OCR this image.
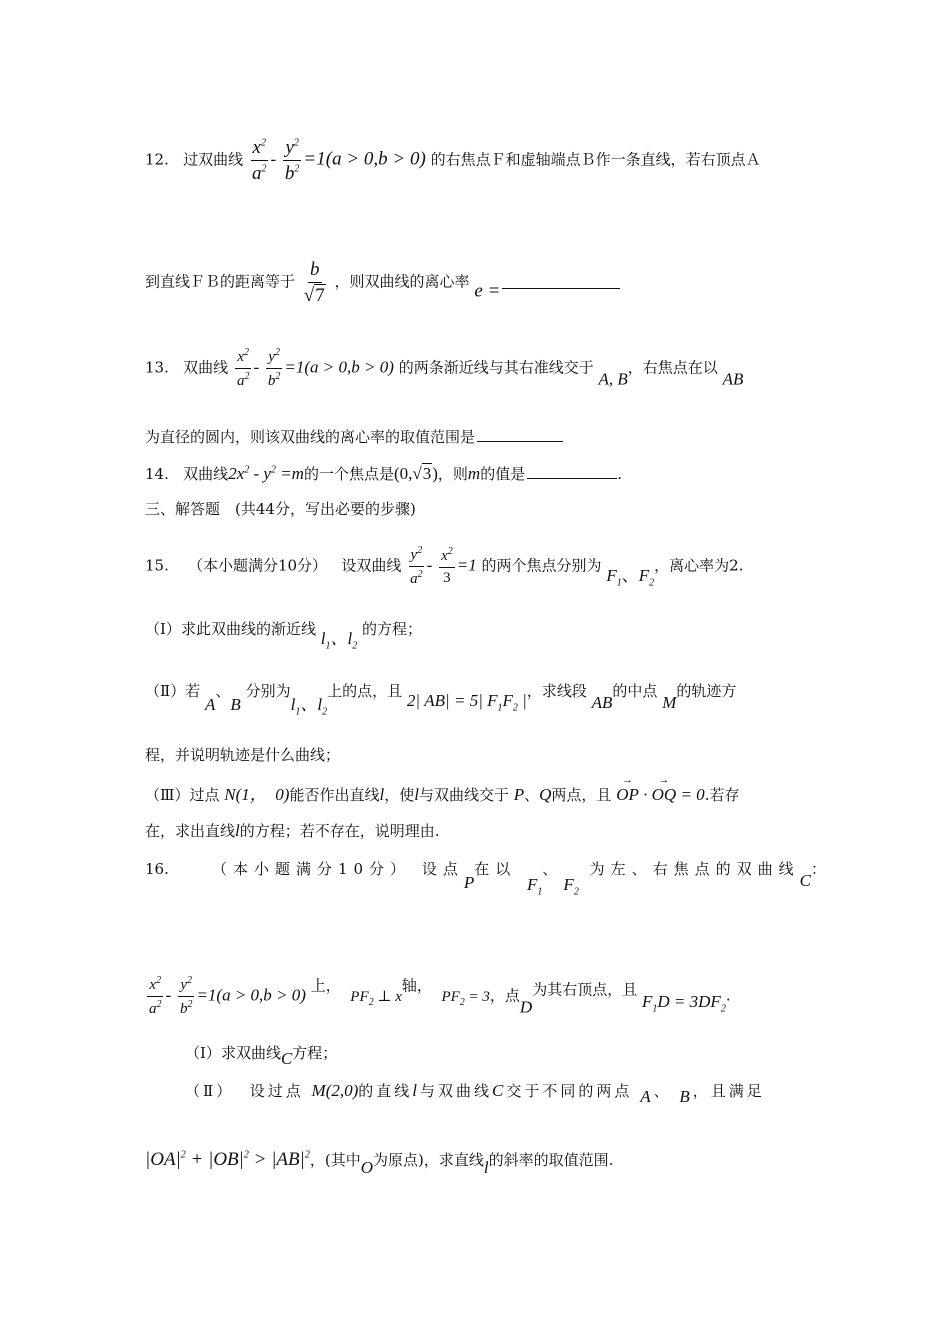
12. 过双曲线 $\frac{x^2}{a^2} - \frac{y^2}{b^2} =1(a > 0,b > 0)$ 的右焦点Ｆ和虚轴端点Ｂ作一条直线，若右顶点Ａ
到直线ＦＢ的距离等于 $\frac{b}{√7}$ ，则双曲线的离心率 e =
13. 双曲线 $\frac{x^2}{a^2} - \frac{y^2}{b^2} =1(a > 0,b > 0)$ 的两条渐近线与其右准线交于 A, B，右焦点在以 AB
为直径的圆内，则该双曲线的离心率的取值范围是
14. 双曲线$2x^2 - y^2 =m$的一个焦点是(0,√3)，则m的值是	.
三、解答题　(共44分，写出必要的步骤)
15. （本小题满分10分） 设双曲线 $\frac{y^2}{a^2} - \frac{x^2}{3} =1$ 的两个焦点分别为 $F_1$、$F_2$，离心率为2.
（Ⅰ）求此双曲线的渐近线 $l_1$、$l_2$ 的方程；
（Ⅱ）若 A、B 分别为$l_1$、$l_2$上的点，且 2| AB| = 5| $F_1F_2$ |，求线段 AB的中点 M的轨迹方
程，并说明轨迹是什么曲线；
（Ⅲ）过点 N(1，　0)能否作出直线l，使l与双曲线交于 P、Q两点，且 → OP · → OQ = 0.若存
在，求出直线l的方程；若不存在，说明理由.
16.	（本小题满分10分） 设点P在以 $F_1$、$F_2$ 为左、右焦点的双曲线C：
$\frac{x^2}{a^2} - \frac{y^2}{b^2} =1(a > 0,b > 0)$ 上，  $PF_2$ ⊥ x轴，  $PF_2 = 3$，点D为其右顶点，且 $F_1D = 3DF_2$.
（Ⅰ）求双曲线C方程；
（Ⅱ） 设过点 M(2,0)的直线l与双曲线C交于不同的两点 A、 B，且满足
$|OA|^2 + |OB|^2 > |AB|^2$，(其中O为原点)，求直线l的斜率的取值范围.
